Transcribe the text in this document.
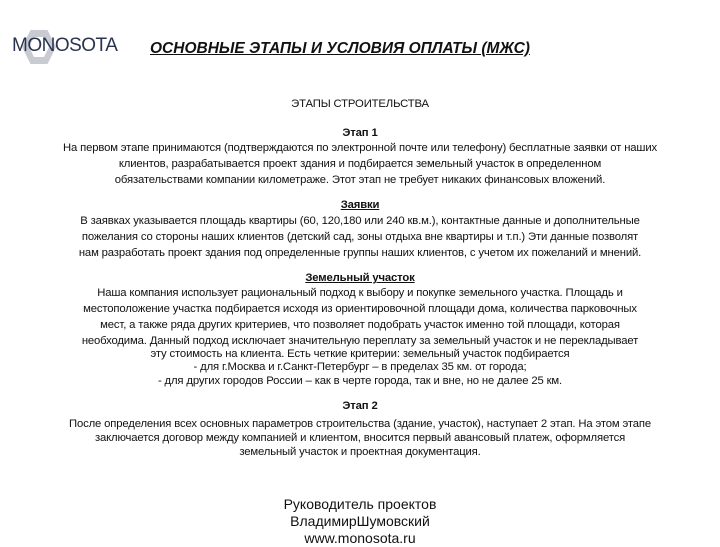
MONOSOTA ОСНОВНЫЕ ЭТАПЫ И УСЛОВИЯ ОПЛАТЫ (МЖС)
ЭТАПЫ СТРОИТЕЛЬСТВА
Этап 1
На первом этапе принимаются (подтверждаются по электронной почте или телефону) бесплатные заявки от наших
клиентов, разрабатывается проект здания и подбирается земельный участок в определенном
обязательствами компании километраже. Этот этап не требует никаких финансовых вложений.
Заявки
В заявках указывается площадь квартиры (60, 120,180 или 240 кв.м.), контактные данные и дополнительные
пожелания со стороны наших клиентов (детский сад, зоны отдыха вне квартиры и т.п.) Эти данные позволят
нам разработать проект здания под определенные группы наших клиентов, с учетом их пожеланий и мнений.
Земельный участок
Наша компания использует рациональный подход к выбору и покупке земельного участка. Площадь и
местоположение участка подбирается исходя из ориентировочной площади дома, количества парковочных
мест, а также ряда других критериев, что позволяет подобрать участок именно той площади, которая
необходима. Данный подход исключает значительную переплату за земельный участок и не перекладывает
эту стоимость на клиента. Есть четкие критерии: земельный участок подбирается
- для г.Москва и г.Санкт-Петербург – в пределах 35 км. от города;
- для других городов России – как в черте города, так и вне, но не далее 25 км.
Этап 2
После определения всех основных параметров строительства (здание, участок), наступает 2 этап. На этом этапе
заключается договор между компанией и клиентом, вносится первый авансовый платеж, оформляется
земельный участок и проектная документация.
Руководитель проектов
ВладимирШумовский
www.monosota.ru
